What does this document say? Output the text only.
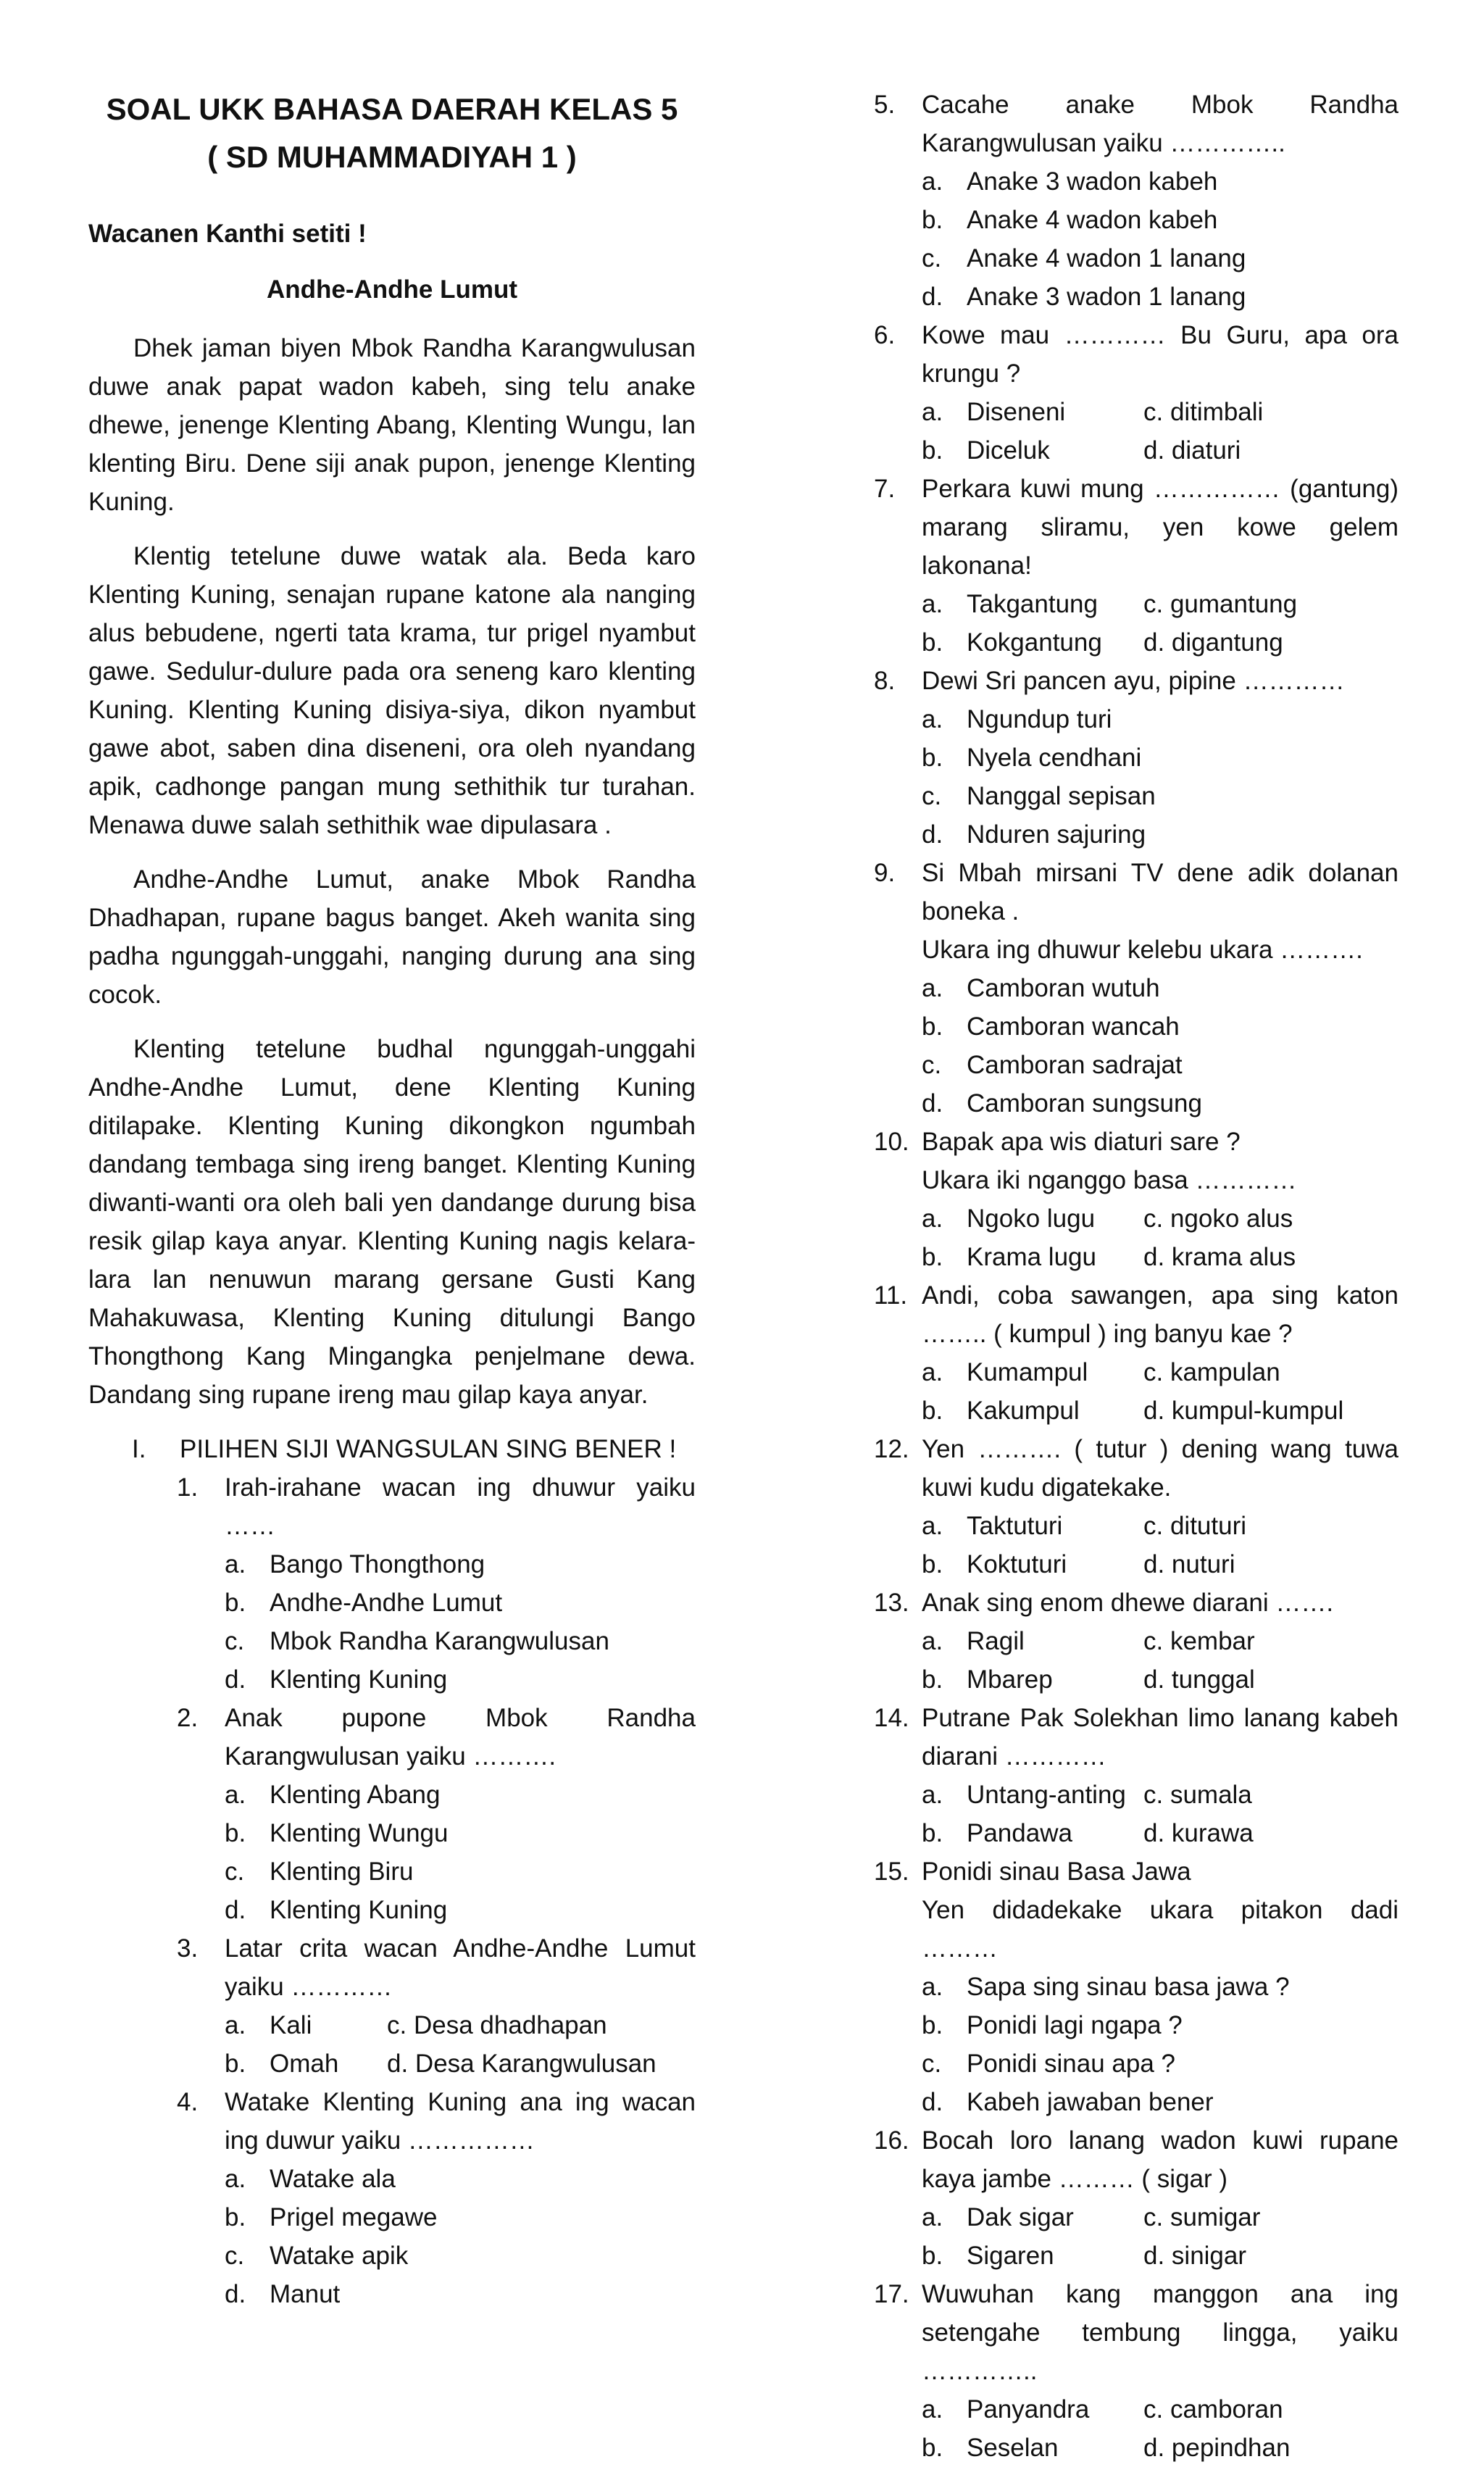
SOAL UKK BAHASA DAERAH KELAS 5

( SD MUHAMMADIYAH 1 )

Wacanen Kanthi setiti !

Andhe-Andhe Lumut

Dhek jaman biyen Mbok Randha Karangwulusan duwe anak papat wadon kabeh, sing telu anake dhewe, jenenge Klenting Abang, Klenting Wungu, lan klenting Biru. Dene siji anak pupon, jenenge Klenting Kuning.

Klentig tetelune duwe watak ala. Beda karo Klenting Kuning, senajan rupane katone ala nanging alus bebudene, ngerti tata krama, tur prigel nyambut gawe. Sedulur-dulure pada ora seneng karo klenting Kuning. Klenting Kuning disiya-siya, dikon nyambut gawe abot, saben dina diseneni, ora oleh nyandang apik, cadhonge pangan mung sethithik tur turahan. Menawa duwe salah sethithik wae dipulasara .

Andhe-Andhe Lumut, anake Mbok Randha Dhadhapan, rupane bagus banget. Akeh wanita sing padha ngunggah-unggahi, nanging durung ana sing cocok.

Klenting tetelune budhal ngunggah-unggahi Andhe-Andhe Lumut, dene Klenting Kuning ditilapake. Klenting Kuning dikongkon ngumbah dandang tembaga sing ireng banget. Klenting Kuning diwanti-wanti ora oleh bali yen dandange durung bisa resik gilap kaya anyar. Klenting Kuning nagis kelara-lara lan nenuwun marang gersane Gusti Kang Mahakuwasa, Klenting Kuning ditulungi Bango Thongthong Kang Mingangka penjelmane dewa. Dandang sing rupane ireng mau gilap kaya anyar.

I.	PILIHEN SIJI WANGSULAN SING BENER !
1.	Irah-irahane wacan ing dhuwur yaiku ……
a. Bango Thongthong
b. Andhe-Andhe Lumut
c. Mbok Randha Karangwulusan
d. Klenting Kuning
2.	Anak pupone Mbok Randha Karangwulusan yaiku ……….
a. Klenting Abang
b. Klenting Wungu
c. Klenting Biru
d. Klenting Kuning
3.	Latar crita wacan Andhe-Andhe Lumut yaiku …………
a. Kali	c. Desa dhadhapan
b. Omah	d. Desa Karangwulusan
4.	Watake Klenting Kuning ana ing wacan ing duwur yaiku ……………
a. Watake ala
b. Prigel megawe
c. Watake apik
d. Manut
5.	Cacahe anake Mbok Randha Karangwulusan yaiku …………..
a. Anake 3 wadon kabeh
b. Anake 4 wadon kabeh
c. Anake 4 wadon 1 lanang
d. Anake 3 wadon 1 lanang
6.	Kowe mau ………… Bu Guru, apa ora krungu ?
a. Diseneni	c. ditimbali
b. Diceluk	d. diaturi
7.	Perkara kuwi mung …………… (gantung) marang sliramu, yen kowe gelem lakonana!
a. Takgantung	c. gumantung
b. Kokgantung	d. digantung
8.	Dewi Sri pancen ayu, pipine …………
a. Ngundup turi
b. Nyela cendhani
c. Nanggal sepisan
d. Nduren sajuring
9.	Si Mbah mirsani TV dene adik dolanan boneka .
Ukara ing dhuwur kelebu ukara ……….
a. Camboran wutuh
b. Camboran wancah
c. Camboran sadrajat
d. Camboran sungsung
10. Bapak apa wis diaturi sare ?
Ukara iki nganggo basa …………
a. Ngoko lugu	c. ngoko alus
b. Krama lugu	d. krama alus
11. Andi, coba sawangen, apa sing katon …….. ( kumpul ) ing banyu kae ?
a. Kumampul	c. kampulan
b. Kakumpul	d. kumpul-kumpul
12. Yen ………. ( tutur ) dening wang tuwa kuwi kudu digatekake.
a. Taktuturi	c. dituturi
b. Koktuturi	d. nuturi
13. Anak sing enom dhewe diarani …….
a. Ragil	c. kembar
b. Mbarep	d. tunggal
14. Putrane Pak Solekhan limo lanang kabeh diarani …………
a. Untang-anting c. sumala
b. Pandawa	d. kurawa
15. Ponidi sinau Basa Jawa
Yen didadekake ukara pitakon dadi ………
a. Sapa sing sinau basa jawa ?
b. Ponidi lagi ngapa ?
c. Ponidi sinau apa ?
d. Kabeh jawaban bener
16. Bocah loro lanang wadon kuwi rupane kaya jambe ……… ( sigar )
a. Dak sigar	c. sumigar
b. Sigaren	d. sinigar
17. Wuwuhan kang manggon ana ing setengahe tembung lingga, yaiku …………..
a. Panyandra	c. camboran
b. Seselan	d. pepindhan
